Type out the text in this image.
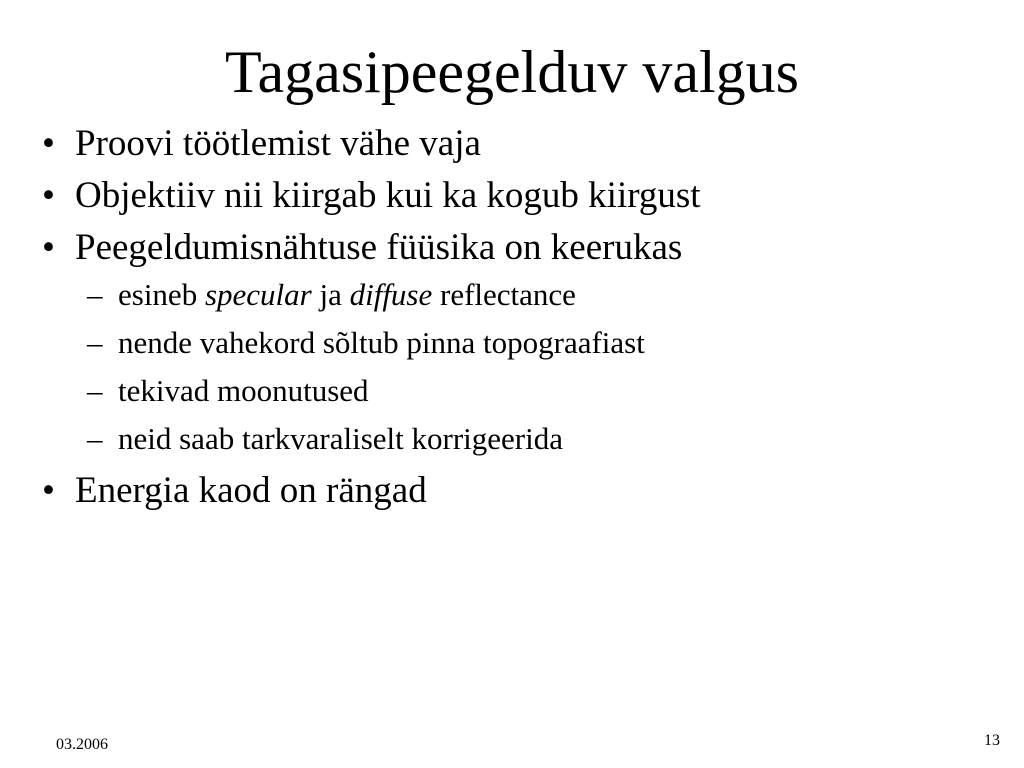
Tagasipeegelduv valgus
• Proovi töötlemist vähe vaja
• Objektiiv nii kiirgab kui ka kogub kiirgust
• Peegeldumisnähtuse füüsika on keerukas
– esineb specular ja diffuse reflectance
– nende vahekord sõltub pinna topograafiast
– tekivad moonutused
– neid saab tarkvaraliselt korrigeerida
• Energia kaod on rängad
03.2006	13
